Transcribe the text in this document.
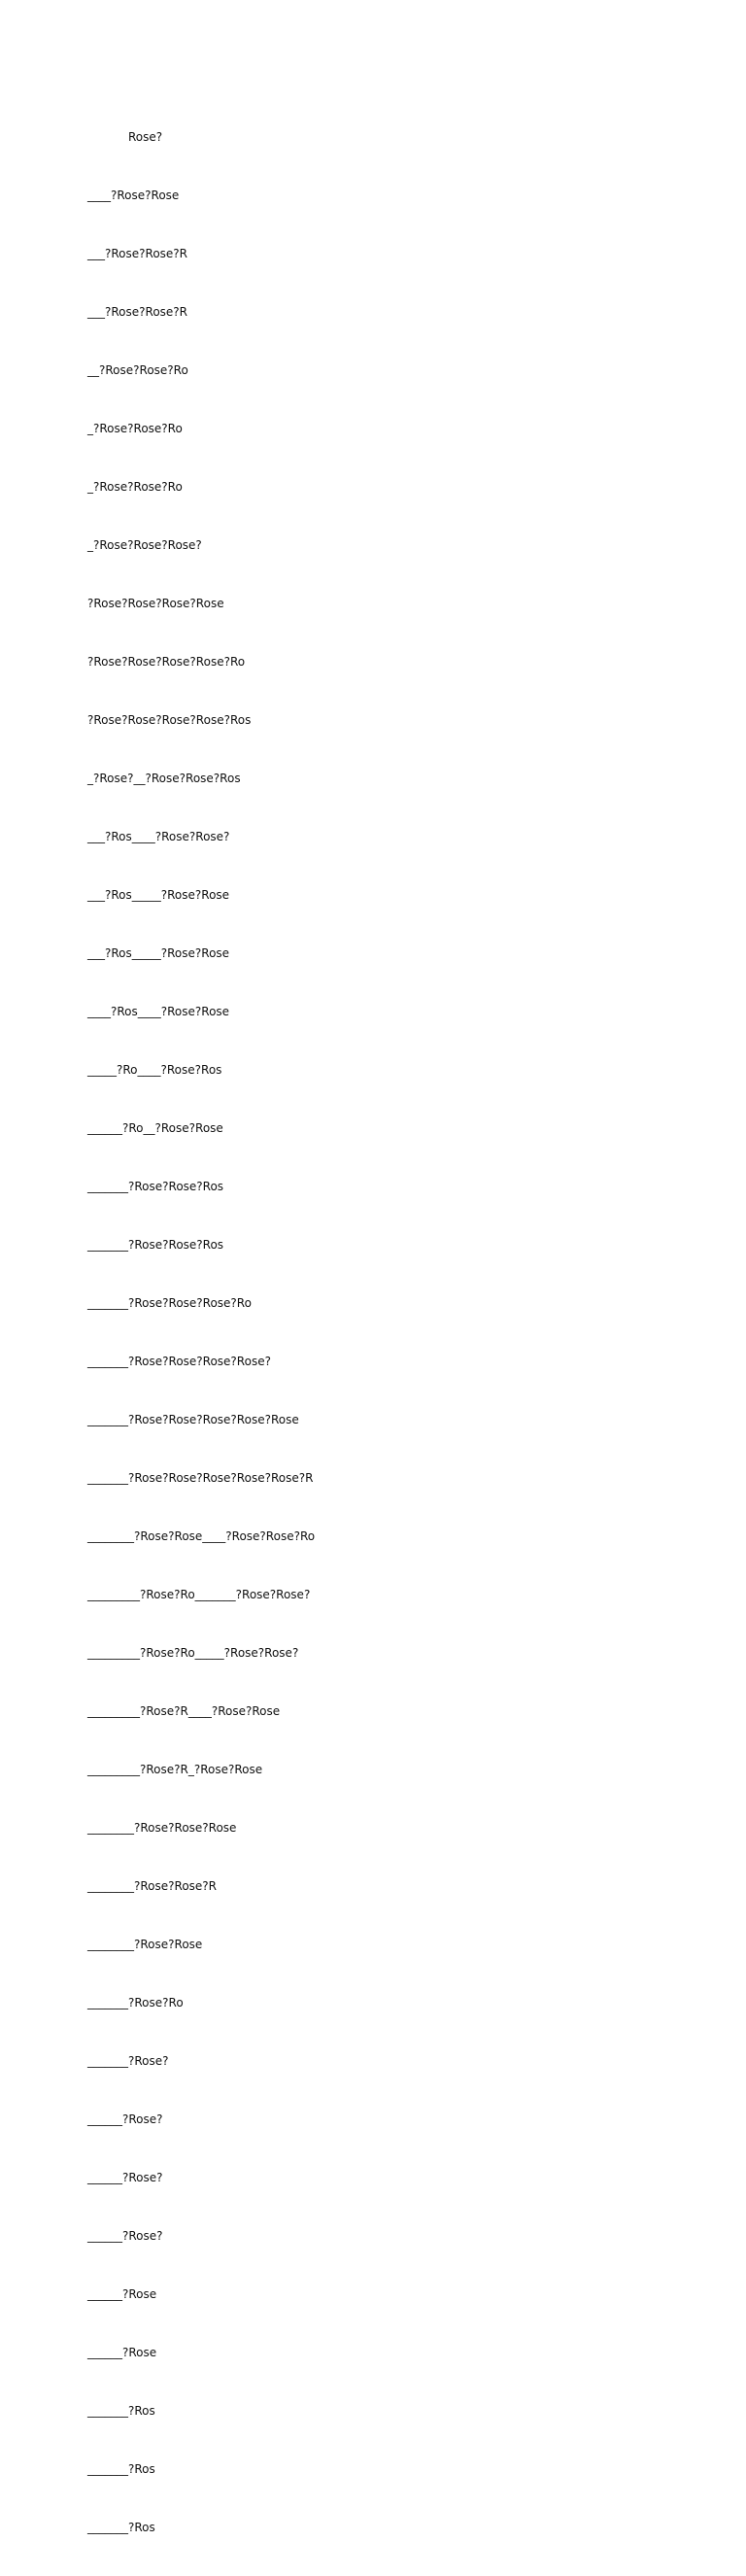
Rose?

____?Rose?Rose

___?Rose?Rose?R

___?Rose?Rose?R

__?Rose?Rose?Ro

_?Rose?Rose?Ro

_?Rose?Rose?Ro

_?Rose?Rose?Rose?

?Rose?Rose?Rose?Rose

?Rose?Rose?Rose?Rose?Ro

?Rose?Rose?Rose?Rose?Ros

_?Rose?__?Rose?Rose?Ros

___?Ros____?Rose?Rose?

___?Ros_____?Rose?Rose

___?Ros_____?Rose?Rose

____?Ros____?Rose?Rose

_____?Ro____?Rose?Ros

______?Ro__?Rose?Rose

_______?Rose?Rose?Ros

_______?Rose?Rose?Ros

_______?Rose?Rose?Rose?Ro

_______?Rose?Rose?Rose?Rose?

_______?Rose?Rose?Rose?Rose?Rose

_______?Rose?Rose?Rose?Rose?Rose?R

________?Rose?Rose____?Rose?Rose?Ro

_________?Rose?Ro_______?Rose?Rose?

_________?Rose?Ro_____?Rose?Rose?

_________?Rose?R____?Rose?Rose

_________?Rose?R_?Rose?Rose

________?Rose?Rose?Rose

________?Rose?Rose?R

________?Rose?Rose

_______?Rose?Ro

_______?Rose?

______?Rose?

______?Rose?

______?Rose?

______?Rose

______?Rose

_______?Ros

_______?Ros

_______?Ros
